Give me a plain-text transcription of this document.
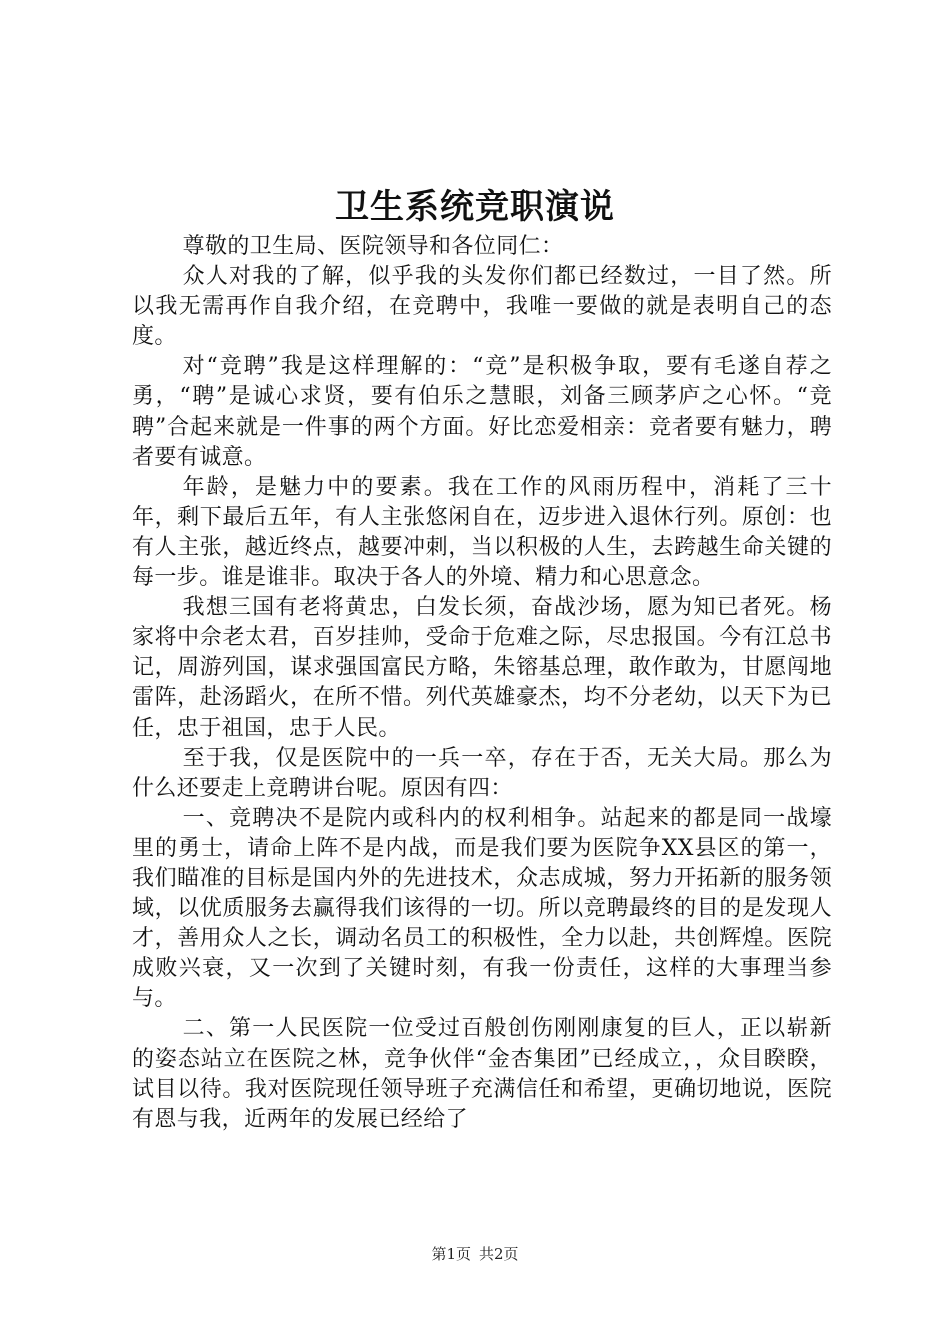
卫生系统竞职演说

尊敬的卫生局、医院领导和各位同仁：

众人对我的了解，似乎我的头发你们都已经数过，一目了然。所以我无需再作自我介绍，在竞聘中，我唯一要做的就是表明自己的态度。

对“竞聘”我是这样理解的：“竞”是积极争取，要有毛遂自荐之勇，“聘”是诚心求贤，要有伯乐之慧眼，刘备三顾茅庐之心怀。“竞聘”合起来就是一件事的两个方面。好比恋爱相亲：竞者要有魅力，聘者要有诚意。

年龄，是魅力中的要素。我在工作的风雨历程中，消耗了三十年，剩下最后五年，有人主张悠闲自在，迈步进入退休行列。原创：也有人主张，越近终点，越要冲刺，当以积极的人生，去跨越生命关键的每一步。谁是谁非。取决于各人的外境、精力和心思意念。

我想三国有老将黄忠，白发长须，奋战沙场，愿为知已者死。杨家将中佘老太君，百岁挂帅，受命于危难之际，尽忠报国。今有江总书记，周游列国，谋求强国富民方略，朱镕基总理，敢作敢为，甘愿闯地雷阵，赴汤蹈火，在所不惜。列代英雄豪杰，均不分老幼，以天下为已任，忠于祖国，忠于人民。

至于我，仅是医院中的一兵一卒，存在于否，无关大局。那么为什么还要走上竞聘讲台呢。原因有四：

一、竞聘决不是院内或科内的权利相争。站起来的都是同一战壕里的勇士，请命上阵不是内战，而是我们要为医院争XX县区的第一，我们瞄准的目标是国内外的先进技术，众志成城，努力开拓新的服务领域，以优质服务去赢得我们该得的一切。所以竞聘最终的目的是发现人才，善用众人之长，调动名员工的积极性，全力以赴，共创辉煌。医院成败兴衰，又一次到了关键时刻，有我一份责任，这样的大事理当参与。

二、第一人民医院一位受过百般创伤刚刚康复的巨人，正以崭新的姿态站立在医院之林，竞争伙伴“金杏集团”已经成立，，众目睽睽，试目以待。我对医院现任领导班子充满信任和希望，更确切地说，医院有恩与我，近两年的发展已经给了

第1页 共2页
